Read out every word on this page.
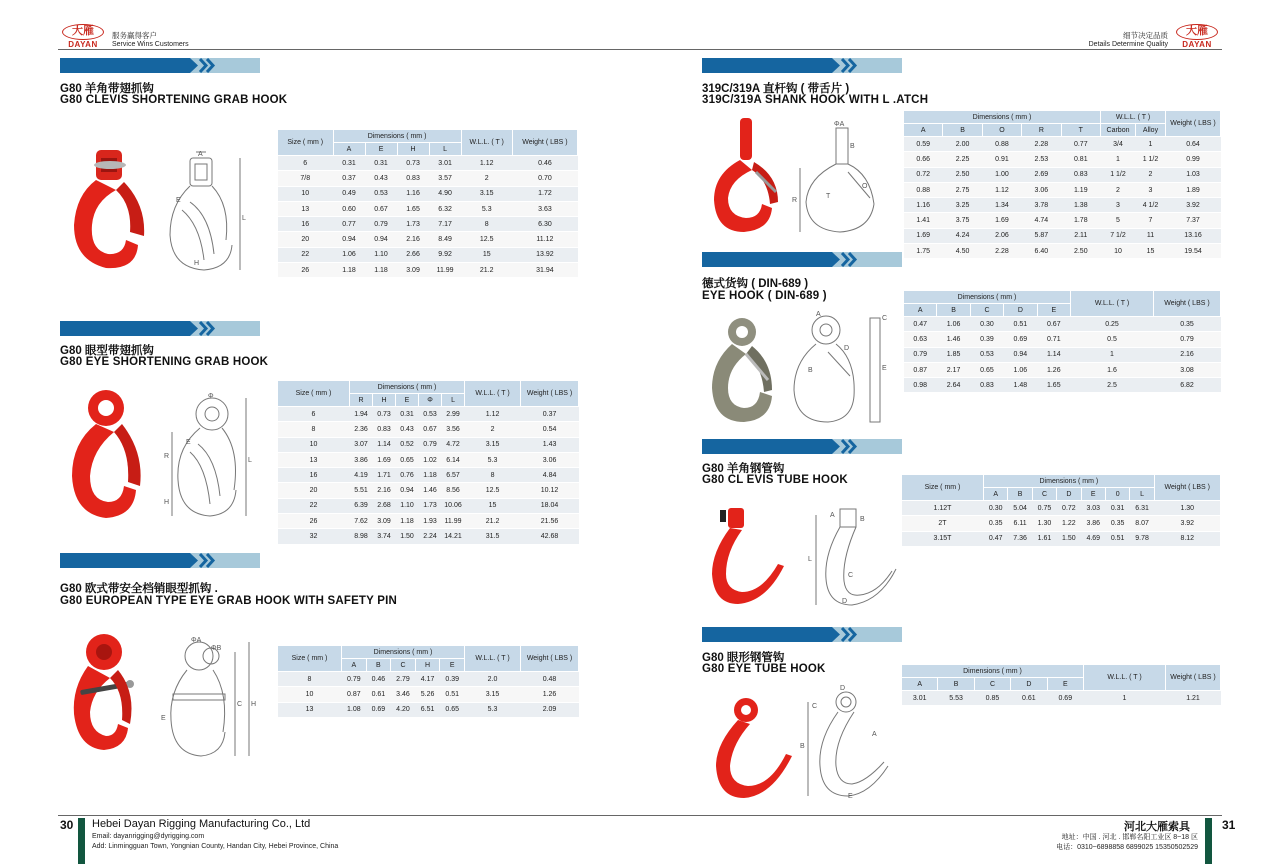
大雁
DAYAN
服务赢得客户
Service Wins Customers
细节决定品质
Details Determine Quality
大雁
DAYAN
G80 羊角带翅抓钩
G80 CLEVIS SHORTENING GRAB HOOK
A
L
E
H
Size ( mm )	Dimensions ( mm )				W.L.L. ( T )	Weight ( LBS )
	A	E	H	L		
6	0.31	0.31	0.73	3.01	1.12	0.46
7/8	0.37	0.43	0.83	3.57	2	0.70
10	0.49	0.53	1.16	4.90	3.15	1.72
13	0.60	0.67	1.65	6.32	5.3	3.63
16	0.77	0.79	1.73	7.17	8	6.30
20	0.94	0.94	2.16	8.49	12.5	11.12
22	1.06	1.10	2.66	9.92	15	13.92
26	1.18	1.18	3.09	11.99	21.2	31.94
G80 眼型带翅抓钩
G80 EYE SHORTENING GRAB HOOK
Φ
L
R
E
H
Size ( mm )	Dimensions ( mm )					W.L.L. ( T )	Weight ( LBS )
	R	H	E	Φ	L		
6	1.94	0.73	0.31	0.53	2.99	1.12	0.37
8	2.36	0.83	0.43	0.67	3.56	2	0.54
10	3.07	1.14	0.52	0.79	4.72	3.15	1.43
13	3.86	1.69	0.65	1.02	6.14	5.3	3.06
16	4.19	1.71	0.76	1.18	6.57	8	4.84
20	5.51	2.16	0.94	1.46	8.56	12.5	10.12
22	6.39	2.68	1.10	1.73	10.06	15	18.04
26	7.62	3.09	1.18	1.93	11.99	21.2	21.56
32	8.98	3.74	1.50	2.24	14.21	31.5	42.68
G80 欧式带安全档销眼型抓钩 .
G80 EUROPEAN TYPE EYE GRAB HOOK WITH SAFETY PIN
ΦA
ΦB
C H
E
Size ( mm )	Dimensions ( mm )					W.L.L. ( T )	Weight ( LBS )
	A	B	C	H	E		
8	0.79	0.46	2.79	4.17	0.39	2.0	0.48
10	0.87	0.61	3.46	5.26	0.51	3.15	1.26
13	1.08	0.69	4.20	6.51	0.65	5.3	2.09
319C/319A 直杆钩 ( 带舌片 )
319C/319A SHANK HOOK WITH L .ATCH
ΦA
B
R
T
O
Dimensions ( mm )					W.L.L. ( T )		Weight ( LBS )
A	B	O	R	T	Carbon	Alloy	
0.59	2.00	0.88	2.28	0.77	3/4	1	0.64
0.66	2.25	0.91	2.53	0.81	1	1 1/2	0.99
0.72	2.50	1.00	2.69	0.83	1 1/2	2	1.03
0.88	2.75	1.12	3.06	1.19	2	3	1.89
1.16	3.25	1.34	3.78	1.38	3	4 1/2	3.92
1.41	3.75	1.69	4.74	1.78	5	7	7.37
1.69	4.24	2.06	5.87	2.11	7 1/2	11	13.16
1.75	4.50	2.28	6.40	2.50	10	15	19.54
德式货钩 ( DIN-689 )
EYE HOOK ( DIN-689 )
A
D
B
C
E
Dimensions ( mm )					W.L.L. ( T )	Weight ( LBS )
A	B	C	D	E		
0.47	1.06	0.30	0.51	0.67	0.25	0.35
0.63	1.46	0.39	0.69	0.71	0.5	0.79
0.79	1.85	0.53	0.94	1.14	1	2.16
0.87	2.17	0.65	1.06	1.26	1.6	3.08
0.98	2.64	0.83	1.48	1.65	2.5	6.82
G80 羊角钢管钩
G80 CL EVIS TUBE HOOK
A
B
L
C
D
Size ( mm )	Dimensions ( mm )							Weight ( LBS )
	A	B	C	D	E	0	L	
1.12T	0.30	5.04	0.75	0.72	3.03	0.31	6.31	1.30
2T	0.35	6.11	1.30	1.22	3.86	0.35	8.07	3.92
3.15T	0.47	7.36	1.61	1.50	4.69	0.51	9.78	8.12
G80 眼形钢管钩
G80 EYE TUBE HOOK
D
C
B
A
E
Dimensions ( mm )					W.L.L. ( T )	Weight ( LBS )
A	B	C	D	E		
3.01	5.53	0.85	0.61	0.69	1	1.21
30 Hebei Dayan Rigging Manufacturing Co., Ltd
Email: dayanrigging@dyrigging.com
Add: Linmingguan Town, Yongnian County, Handan City, Hebei Province, China
河北大雁索具
地址：中国 . 河北 . 邯郸名阳工业区 8~18 区
电话：0310~6898858 6899025 15350502529
31
